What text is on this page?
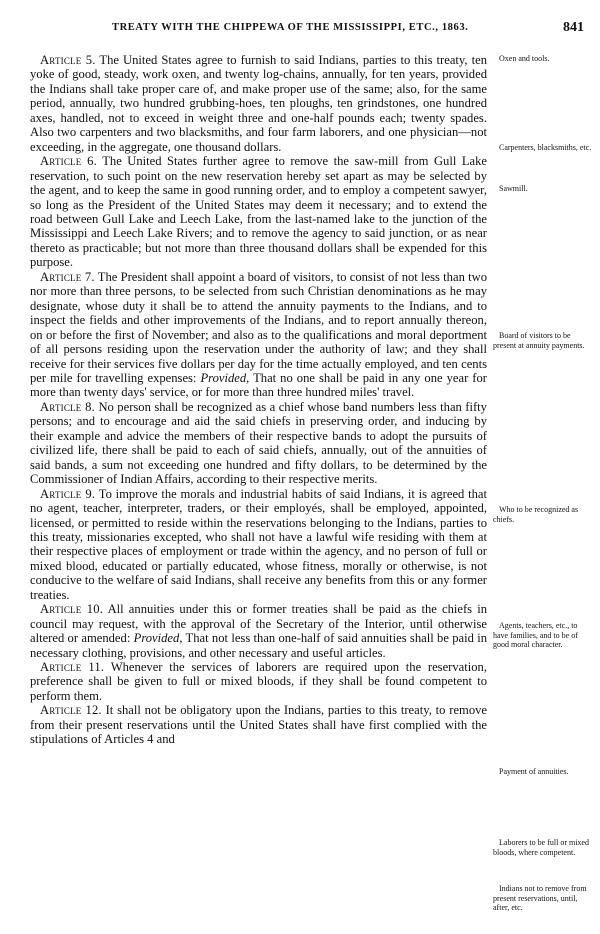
TREATY WITH THE CHIPPEWA OF THE MISSISSIPPI, ETC., 1863.	841

Article 5. The United States agree to furnish to said Indians, parties to this treaty, ten yoke of good, steady, work oxen, and twenty log-chains, annually, for ten years, provided the Indians shall take proper care of, and make proper use of the same; also, for the same period, annually, two hundred grubbing-hoes, ten ploughs, ten grindstones, one hundred axes, handled, not to exceed in weight three and one-half pounds each; twenty spades. Also two carpenters and two blacksmiths, and four farm laborers, and one physician—not exceeding, in the aggregate, one thousand dollars.

Article 6. The United States further agree to remove the saw-mill from Gull Lake reservation, to such point on the new reservation hereby set apart as may be selected by the agent, and to keep the same in good running order, and to employ a competent sawyer, so long as the President of the United States may deem it necessary; and to extend the road between Gull Lake and Leech Lake, from the last-named lake to the junction of the Mississippi and Leech Lake Rivers; and to remove the agency to said junction, or as near thereto as practicable; but not more than three thousand dollars shall be expended for this purpose.

Article 7. The President shall appoint a board of visitors, to consist of not less than two nor more than three persons, to be selected from such Christian denominations as he may designate, whose duty it shall be to attend the annuity payments to the Indians, and to inspect the fields and other improvements of the Indians, and to report annually thereon, on or before the first of November; and also as to the qualifications and moral deportment of all persons residing upon the reservation under the authority of law; and they shall receive for their services five dollars per day for the time actually employed, and ten cents per mile for travelling expenses: Provided, That no one shall be paid in any one year for more than twenty days' service, or for more than three hundred miles' travel.

Article 8. No person shall be recognized as a chief whose band numbers less than fifty persons; and to encourage and aid the said chiefs in preserving order, and inducing by their example and advice the members of their respective bands to adopt the pursuits of civilized life, there shall be paid to each of said chiefs, annually, out of the annuities of said bands, a sum not exceeding one hundred and fifty dollars, to be determined by the Commissioner of Indian Affairs, according to their respective merits.

Article 9. To improve the morals and industrial habits of said Indians, it is agreed that no agent, teacher, interpreter, traders, or their employés, shall be employed, appointed, licensed, or permitted to reside within the reservations belonging to the Indians, parties to this treaty, missionaries excepted, who shall not have a lawful wife residing with them at their respective places of employment or trade within the agency, and no person of full or mixed blood, educated or partially educated, whose fitness, morally or otherwise, is not conducive to the welfare of said Indians, shall receive any benefits from this or any former treaties.

Article 10. All annuities under this or former treaties shall be paid as the chiefs in council may request, with the approval of the Secretary of the Interior, until otherwise altered or amended: Provided, That not less than one-half of said annuities shall be paid in necessary clothing, provisions, and other necessary and useful articles.

Article 11. Whenever the services of laborers are required upon the reservation, preference shall be given to full or mixed bloods, if they shall be found competent to perform them.

Article 12. It shall not be obligatory upon the Indians, parties to this treaty, to remove from their present reservations until the United States shall have first complied with the stipulations of Articles 4 and

Oxen and tools.
Carpenters, blacksmiths, etc.
Sawmill.
Board of visitors to be present at annuity payments.
Who to be recognized as chiefs.
Agents, teachers, etc., to have families, and to be of good moral character.
Payment of annuities.
Laborers to be full or mixed bloods, where competent.
Indians not to remove from present reservations, until, after, etc.
